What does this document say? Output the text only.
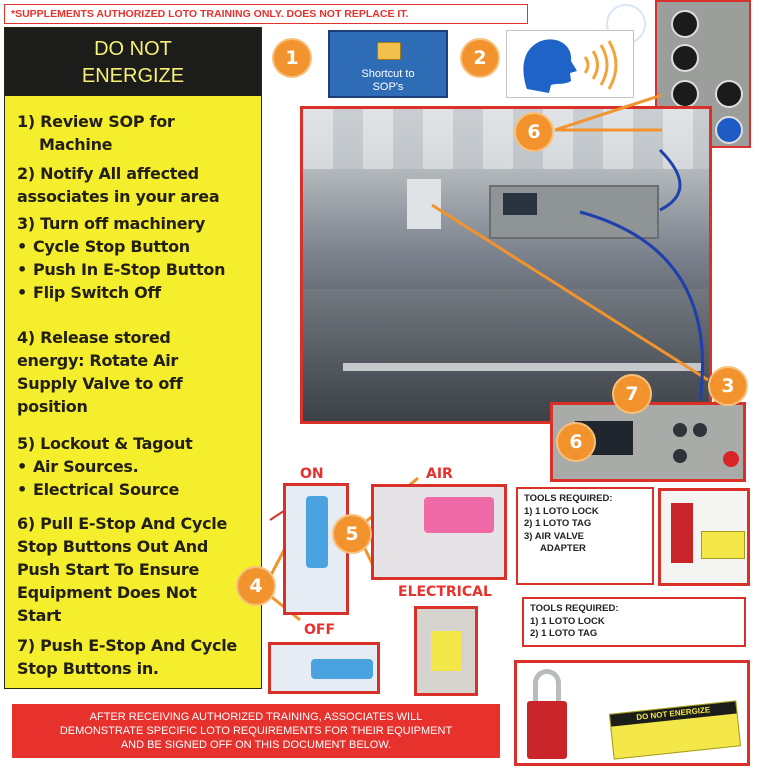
*SUPPLEMENTS AUTHORIZED LOTO TRAINING ONLY. DOES NOT REPLACE IT.
DO NOT
ENERGIZE
1) Review SOP for
Machine
2) Notify All affected
associates in your area
3) Turn off machinery
• Cycle Stop Button
• Push In E-Stop Button
• Flip Switch Off
4) Release stored
energy: Rotate Air
Supply Valve to off
position
5) Lockout & Tagout
• Air Sources.
• Electrical Source
6) Pull E-Stop And Cycle
Stop Buttons Out And
Push Start To Ensure
Equipment Does Not
Start
7) Push E-Stop And Cycle
Stop Buttons in.
1
Shortcut to
SOP's
2
6
7	3
6
ON
OFF
4
AIR
ELECTRICAL
5
TOOLS REQUIRED:
1) 1 LOTO LOCK
2) 1 LOTO TAG
3) AIR VALVE
ADAPTER
TOOLS REQUIRED:
1) 1 LOTO LOCK
2) 1 LOTO TAG
DO NOT ENERGIZE
AFTER RECEIVING AUTHORIZED TRAINING, ASSOCIATES WILL
DEMONSTRATE SPECIFIC LOTO REQUIREMENTS FOR THEIR EQUIPMENT
AND BE SIGNED OFF ON THIS DOCUMENT BELOW.
